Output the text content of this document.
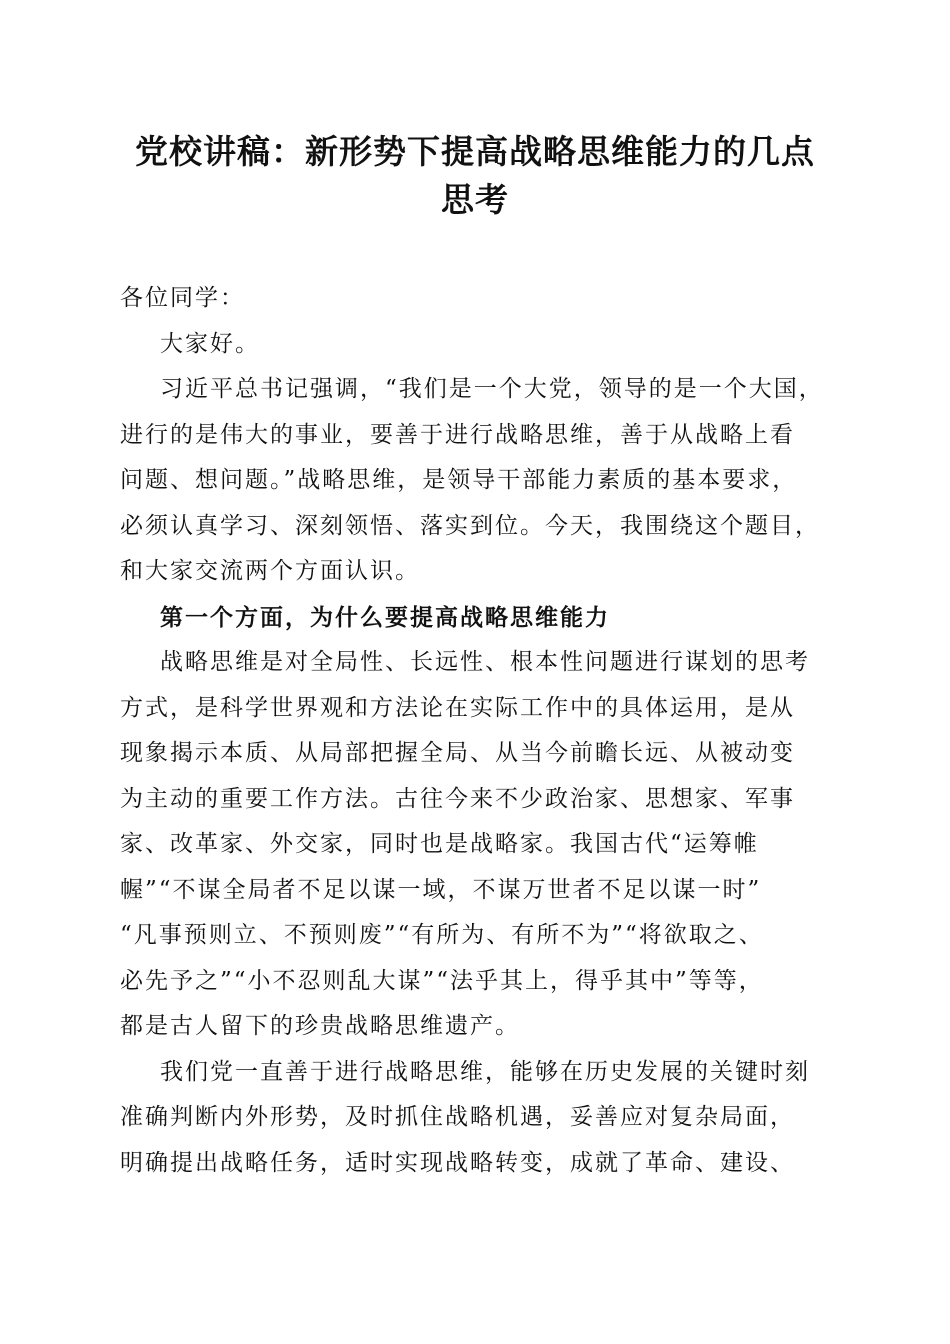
党校讲稿：新形势下提高战略思维能力的几点
思考
各位同学：
大家好。
习近平总书记强调，“我们是一个大党，领导的是一个大国，
进行的是伟大的事业，要善于进行战略思维，善于从战略上看
问题、想问题。”战略思维，是领导干部能力素质的基本要求，
必须认真学习、深刻领悟、落实到位。今天，我围绕这个题目，
和大家交流两个方面认识。
第一个方面，为什么要提高战略思维能力
战略思维是对全局性、长远性、根本性问题进行谋划的思考
方式，是科学世界观和方法论在实际工作中的具体运用，是从
现象揭示本质、从局部把握全局、从当今前瞻长远、从被动变
为主动的重要工作方法。古往今来不少政治家、思想家、军事
家、改革家、外交家，同时也是战略家。我国古代“运筹帷
幄”“不谋全局者不足以谋一域，不谋万世者不足以谋一时”
“凡事预则立、不预则废”“有所为、有所不为”“将欲取之、
必先予之”“小不忍则乱大谋”“法乎其上，得乎其中”等等，
都是古人留下的珍贵战略思维遗产。
我们党一直善于进行战略思维，能够在历史发展的关键时刻
准确判断内外形势，及时抓住战略机遇，妥善应对复杂局面，
明确提出战略任务，适时实现战略转变，成就了革命、建设、
